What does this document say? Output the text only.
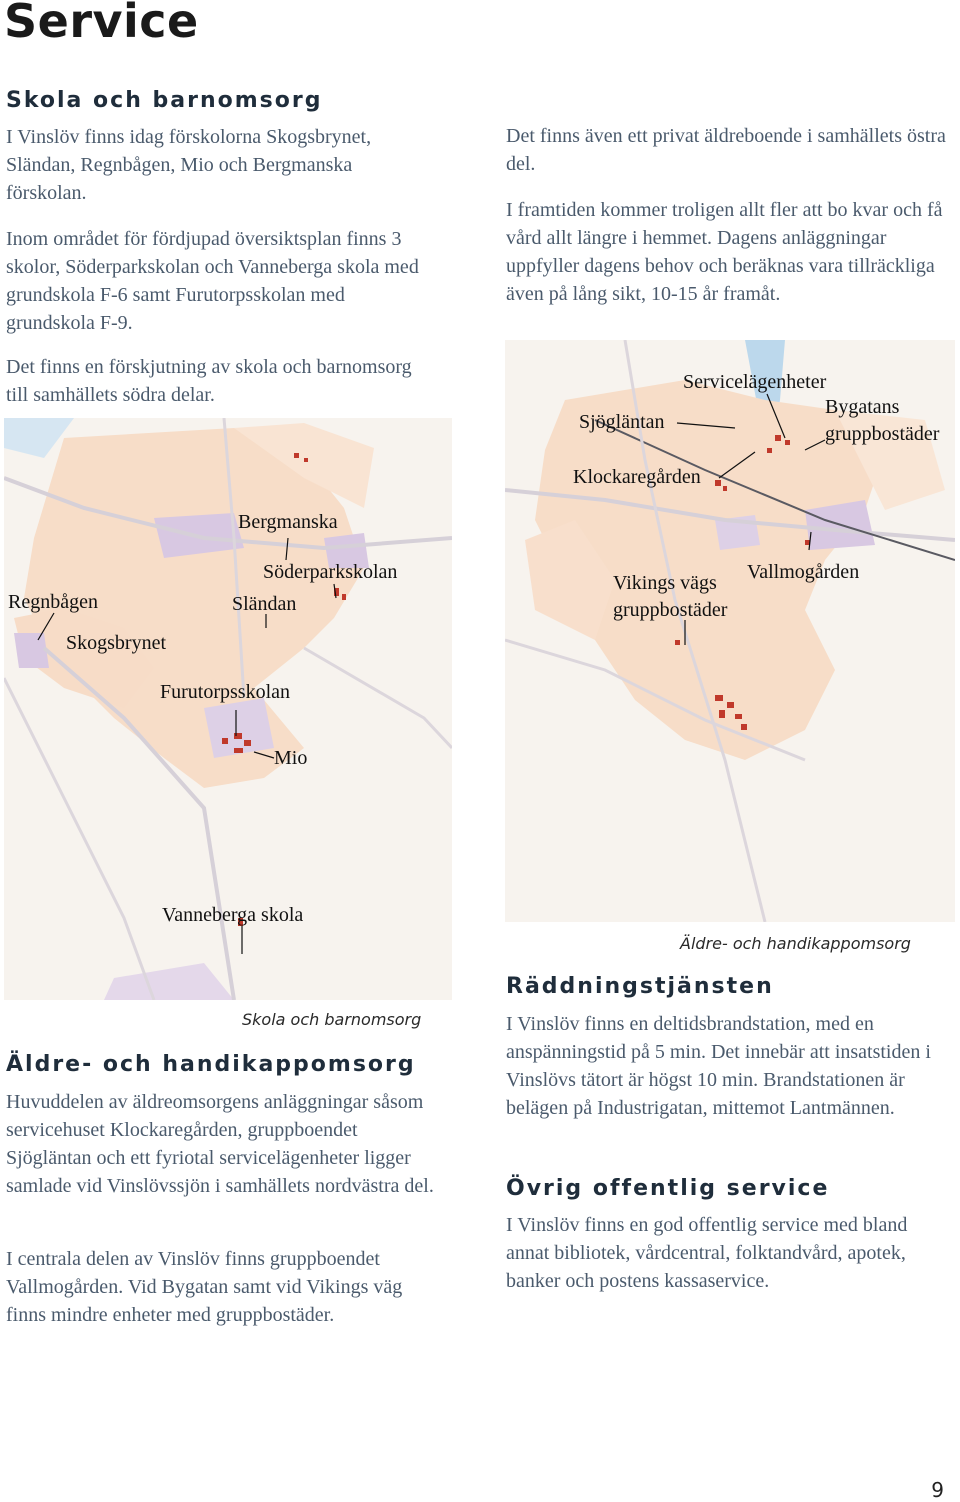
Service
Skola och barnomsorg

I Vinslöv finns idag förskolorna Skogsbrynet, Sländan, Regnbågen, Mio och Bergmanska förskolan.

Inom området för fördjupad översiktsplan finns 3 skolor, Söderparkskolan och Vanneberga skola med grundskola F-6 samt Furutorpsskolan med grundskola F-9.

Det finns en förskjutning av skola och barnomsorg till samhällets södra delar.

Bergmanska
Söderparkskolan
Regnbågen	Sländan
Skogsbrynet
Furutorpsskolan
Mio
Vanneberga skola

Skola och barnomsorg

Äldre- och handikappomsorg

Huvuddelen av äldreomsorgens anläggningar såsom servicehuset Klockaregården, gruppboendet Sjögläntan och ett fyriotal servicelägenheter ligger samlade vid Vinslövssjön i samhällets nordvästra del.

I centrala delen av Vinslöv finns gruppboendet Vallmogården. Vid Bygatan samt vid Vikings väg finns mindre enheter med gruppbostäder.

Det finns även ett privat äldreboende i samhällets östra del.

I framtiden kommer troligen allt fler att bo kvar och få vård allt längre i hemmet. Dagens anläggningar uppfyller dagens behov och beräknas vara tillräckliga även på lång sikt, 10-15 år framåt.

Servicelägenheter
Sjögläntan
Bygatans
gruppbostäder
Klockaregården
Vikings vägs
gruppbostäder
Vallmogården

Äldre- och handikappomsorg

Räddningstjänsten

I Vinslöv finns en deltidsbrandstation, med en anspänningstid på 5 min. Det innebär att insatstiden i Vinslövs tätort är högst 10 min. Brandstationen är belägen på Industrigatan, mittemot Lantmännen.

Övrig offentlig service

I Vinslöv finns en god offentlig service med bland annat bibliotek, vårdcentral, folktandvård, apotek, banker och postens kassaservice.

9
